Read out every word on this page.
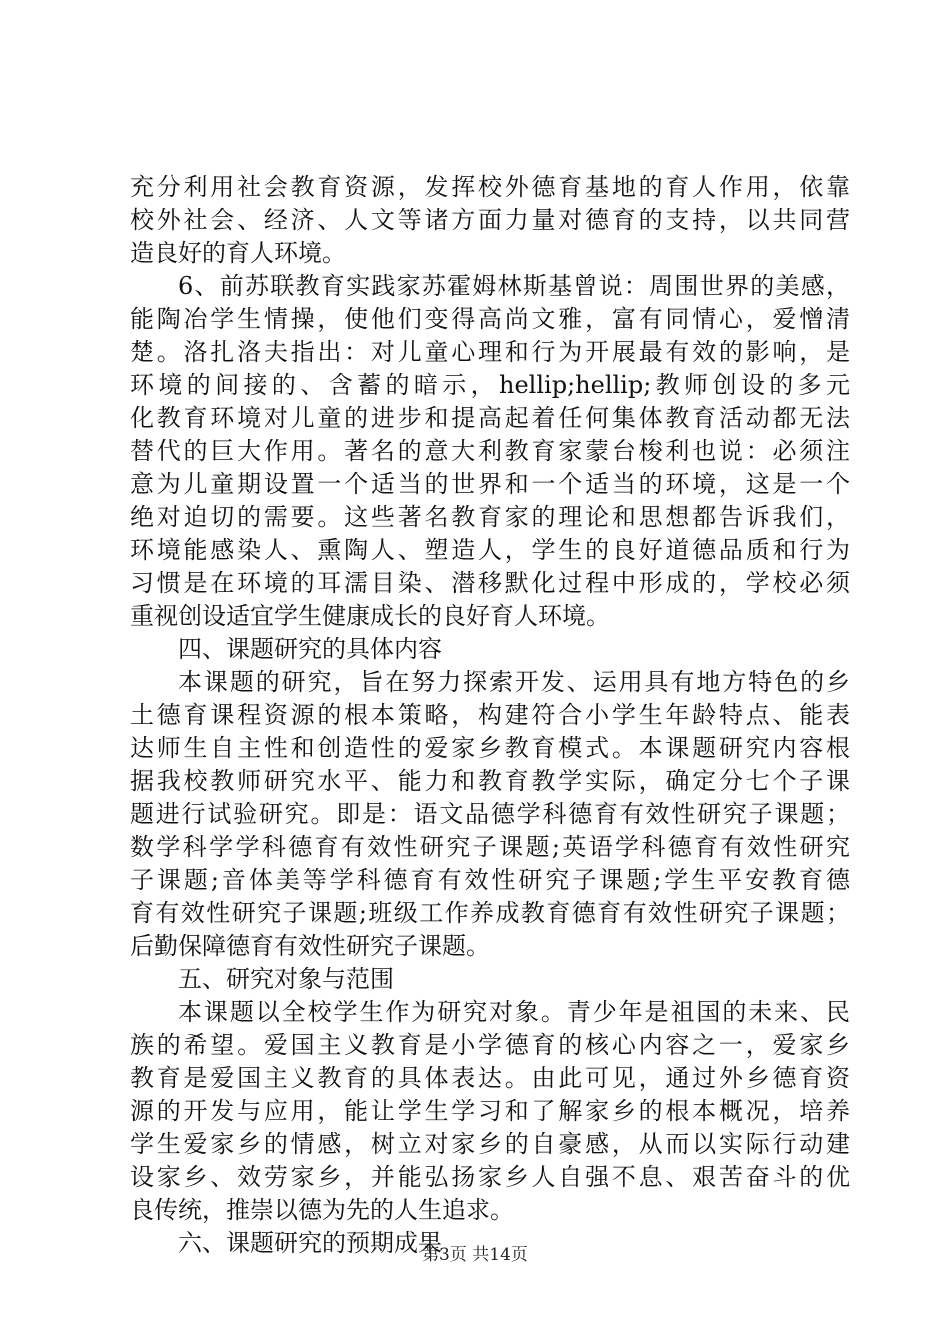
充分利用社会教育资源，发挥校外德育基地的育人作用，依靠
校外社会、经济、人文等诸方面力量对德育的支持，以共同营
造良好的育人环境。
6、前苏联教育实践家苏霍姆林斯基曾说：周围世界的美感，
能陶冶学生情操，使他们变得高尚文雅，富有同情心，爱憎清
楚。洛扎洛夫指出：对儿童心理和行为开展最有效的影响，是
环境的间接的、含蓄的暗示，hellip;hellip;教师创设的多元
化教育环境对儿童的进步和提高起着任何集体教育活动都无法
替代的巨大作用。著名的意大利教育家蒙台梭利也说：必须注
意为儿童期设置一个适当的世界和一个适当的环境，这是一个
绝对迫切的需要。这些著名教育家的理论和思想都告诉我们，
环境能感染人、熏陶人、塑造人，学生的良好道德品质和行为
习惯是在环境的耳濡目染、潜移默化过程中形成的，学校必须
重视创设适宜学生健康成长的良好育人环境。
四、课题研究的具体内容
本课题的研究，旨在努力探索开发、运用具有地方特色的乡
土德育课程资源的根本策略，构建符合小学生年龄特点、能表
达师生自主性和创造性的爱家乡教育模式。本课题研究内容根
据我校教师研究水平、能力和教育教学实际，确定分七个子课
题进行试验研究。即是：语文品德学科德育有效性研究子课题；
数学科学学科德育有效性研究子课题;英语学科德育有效性研究
子课题;音体美等学科德育有效性研究子课题;学生平安教育德
育有效性研究子课题;班级工作养成教育德育有效性研究子课题；
后勤保障德育有效性研究子课题。
五、研究对象与范围
本课题以全校学生作为研究对象。青少年是祖国的未来、民
族的希望。爱国主义教育是小学德育的核心内容之一，爱家乡
教育是爱国主义教育的具体表达。由此可见，通过外乡德育资
源的开发与应用，能让学生学习和了解家乡的根本概况，培养
学生爱家乡的情感，树立对家乡的自豪感，从而以实际行动建
设家乡、效劳家乡，并能弘扬家乡人自强不息、艰苦奋斗的优
良传统，推崇以德为先的人生追求。
六、课题研究的预期成果
第3页 共14页
